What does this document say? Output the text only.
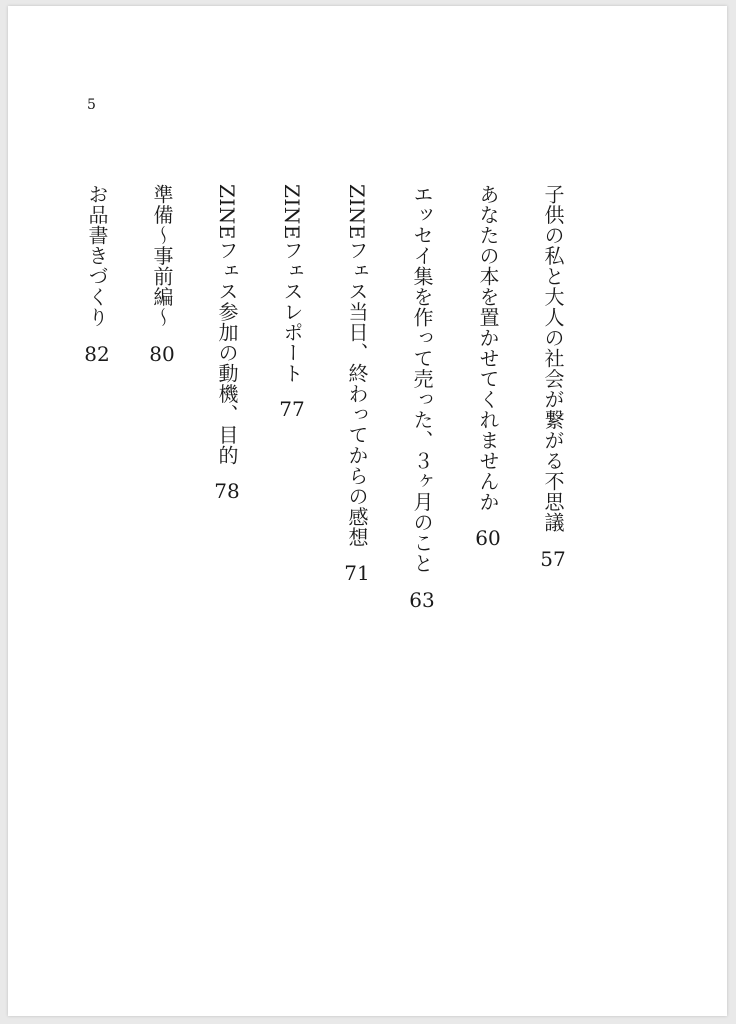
5
子供の私と大人の社会が繋がる不思議
57
あなたの本を置かせてくれませんか
60
エッセイ集を作って売った、３ヶ月のこと
63
ZINEフェス当日、終わってからの感想
71
ZINEフェスレポート
77
ZINEフェス参加の動機、目的
78
準備～事前編～
80
お品書きづくり
82
